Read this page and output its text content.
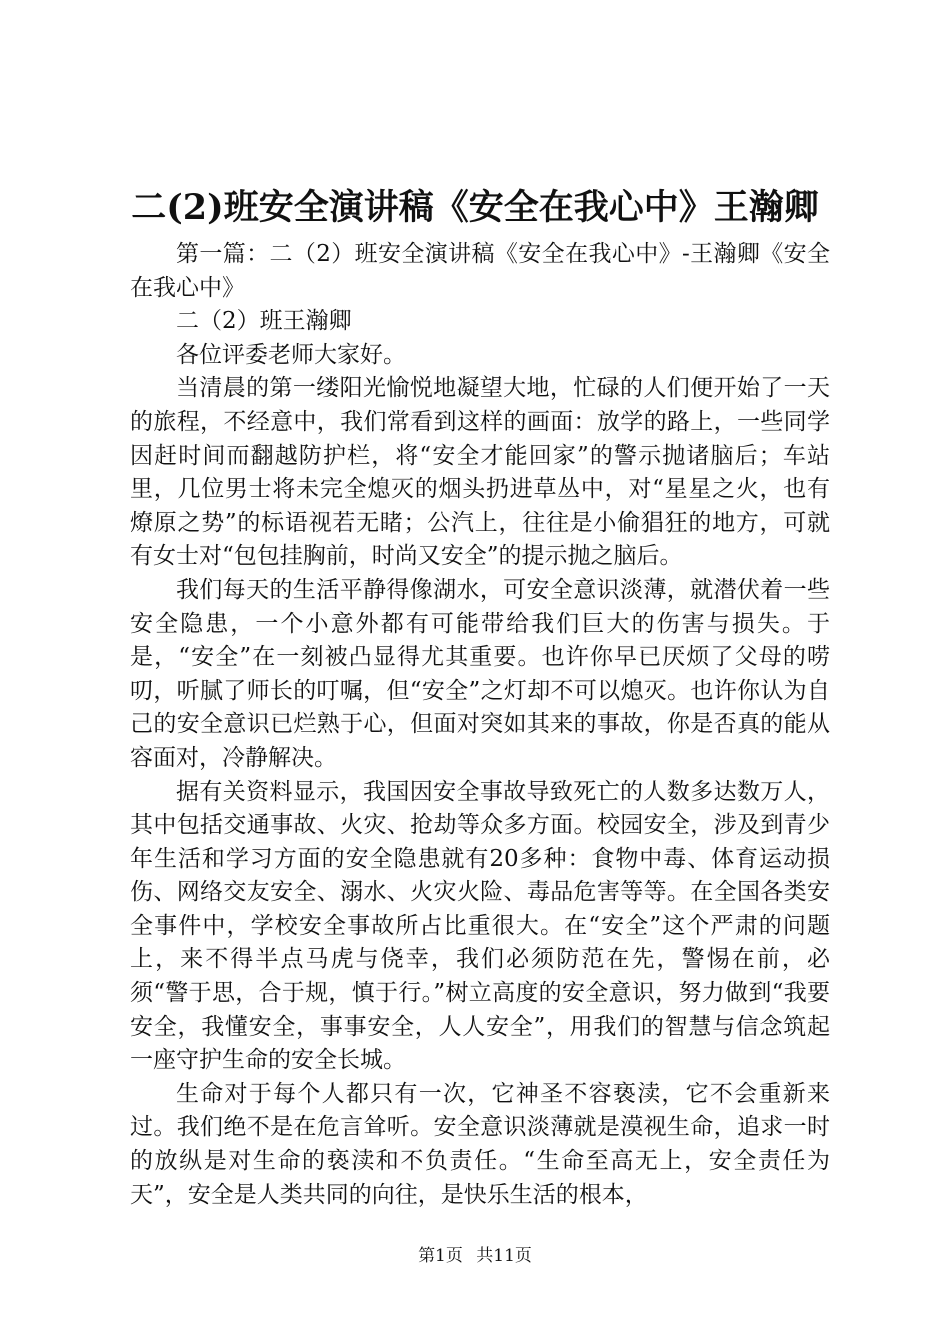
二(2)班安全演讲稿《安全在我心中》王瀚卿

第一篇：二（2）班安全演讲稿《安全在我心中》-王瀚卿《安全在我心中》

二（2）班王瀚卿

各位评委老师大家好。

当清晨的第一缕阳光愉悦地凝望大地，忙碌的人们便开始了一天的旅程，不经意中，我们常看到这样的画面：放学的路上，一些同学因赶时间而翻越防护栏，将“安全才能回家”的警示抛诸脑后；车站里，几位男士将未完全熄灭的烟头扔进草丛中，对“星星之火，也有燎原之势”的标语视若无睹；公汽上，往往是小偷猖狂的地方，可就有女士对“包包挂胸前，时尚又安全”的提示抛之脑后。

我们每天的生活平静得像湖水，可安全意识淡薄，就潜伏着一些安全隐患，一个小意外都有可能带给我们巨大的伤害与损失。于是，“安全”在一刻被凸显得尤其重要。也许你早已厌烦了父母的唠叨，听腻了师长的叮嘱，但“安全”之灯却不可以熄灭。也许你认为自己的安全意识已烂熟于心，但面对突如其来的事故，你是否真的能从容面对，冷静解决。

据有关资料显示，我国因安全事故导致死亡的人数多达数万人，其中包括交通事故、火灾、抢劫等众多方面。校园安全，涉及到青少年生活和学习方面的安全隐患就有20多种：食物中毒、体育运动损伤、网络交友安全、溺水、火灾火险、毒品危害等等。在全国各类安全事件中，学校安全事故所占比重很大。在“安全”这个严肃的问题上，来不得半点马虎与侥幸，我们必须防范在先，警惕在前，必须“警于思，合于规，慎于行。”树立高度的安全意识，努力做到“我要安全，我懂安全，事事安全，人人安全”，用我们的智慧与信念筑起一座守护生命的安全长城。

生命对于每个人都只有一次，它神圣不容亵渎，它不会重新来过。我们绝不是在危言耸听。安全意识淡薄就是漠视生命，追求一时的放纵是对生命的亵渎和不负责任。“生命至高无上，安全责任为天”，安全是人类共同的向往，是快乐生活的根本，

第1页 共11页
